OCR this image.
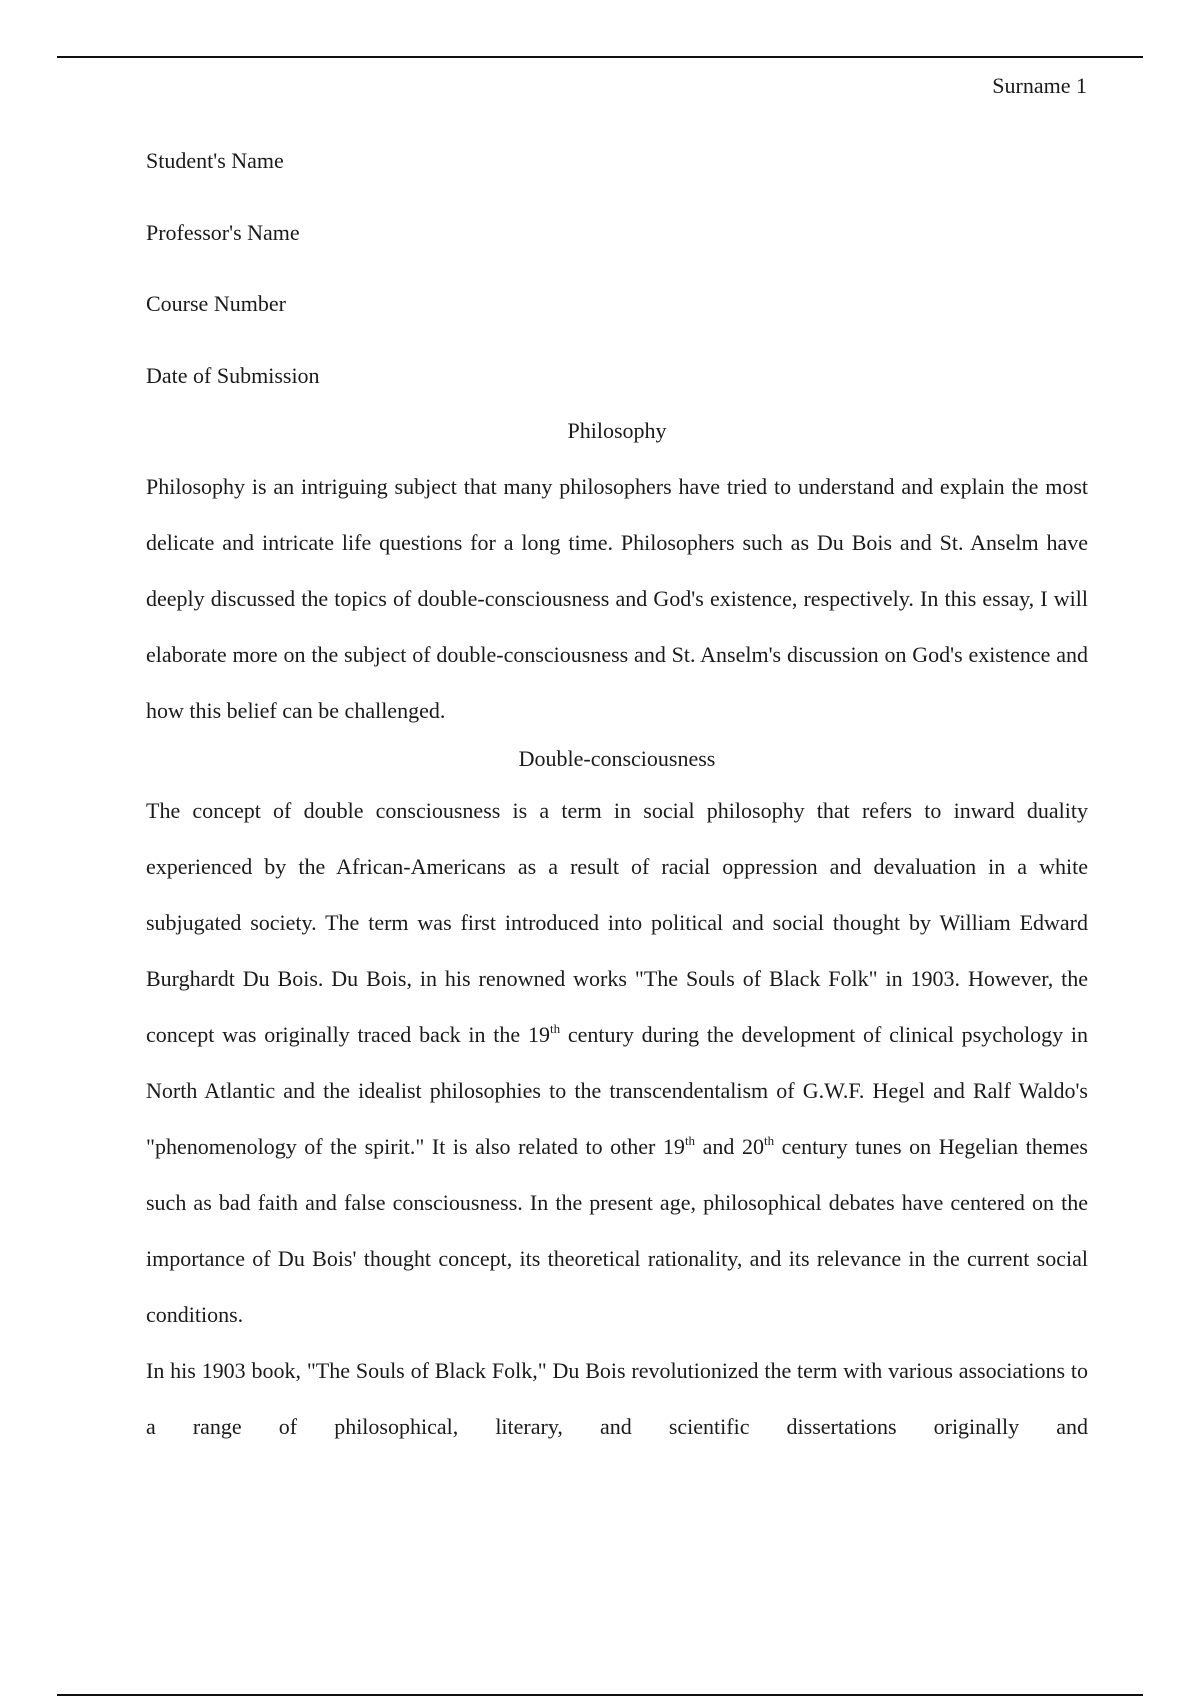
Surname 1
Student's Name
Professor's Name
Course Number
Date of Submission
Philosophy

Philosophy is an intriguing subject that many philosophers have tried to understand and explain the most delicate and intricate life questions for a long time. Philosophers such as Du Bois and St. Anselm have deeply discussed the topics of double-consciousness and God's existence, respectively. In this essay, I will elaborate more on the subject of double-consciousness and St. Anselm's discussion on God's existence and how this belief can be challenged.

Double-consciousness

The concept of double consciousness is a term in social philosophy that refers to inward duality experienced by the African-Americans as a result of racial oppression and devaluation in a white subjugated society. The term was first introduced into political and social thought by William Edward Burghardt Du Bois. Du Bois, in his renowned works "The Souls of Black Folk" in 1903. However, the concept was originally traced back in the 19th century during the development of clinical psychology in North Atlantic and the idealist philosophies to the transcendentalism of G.W.F. Hegel and Ralf Waldo's "phenomenology of the spirit." It is also related to other 19th and 20th century tunes on Hegelian themes such as bad faith and false consciousness. In the present age, philosophical debates have centered on the importance of Du Bois' thought concept, its theoretical rationality, and its relevance in the current social conditions.

In his 1903 book, "The Souls of Black Folk," Du Bois revolutionized the term with various associations to a range of philosophical, literary, and scientific dissertations originally and
